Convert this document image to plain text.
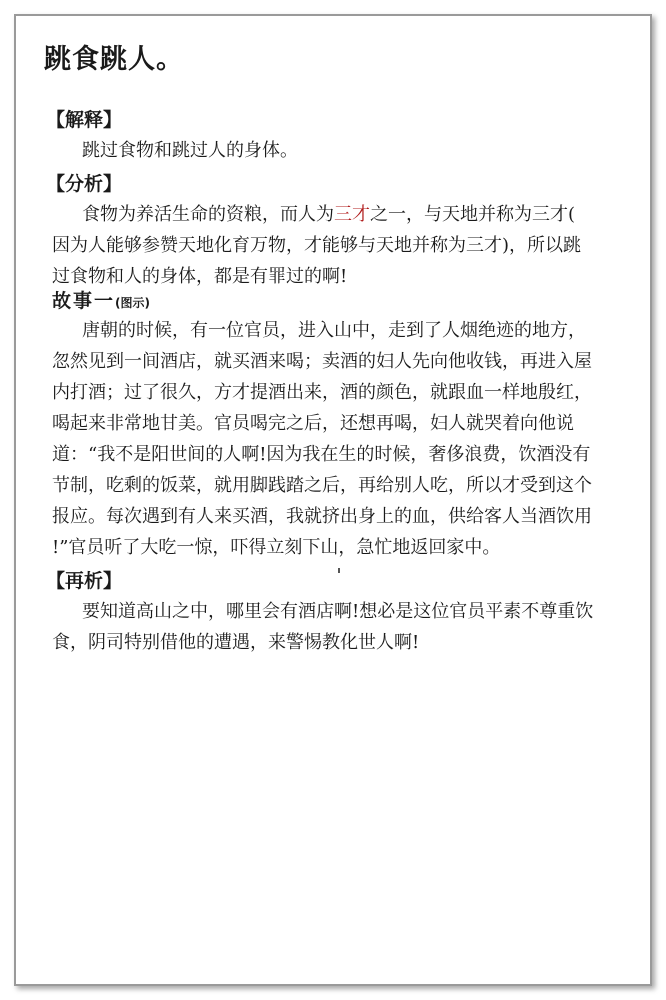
跳食跳人。
【解释】

跳过食物和跳过人的身体。

【分析】

食物为养活生命的资粮，而人为三才之一，与天地并称为三才(

因为人能够参赞天地化育万物，才能够与天地并称为三才)，所以跳

过食物和人的身体，都是有罪过的啊!

故事一(图示)

唐朝的时候，有一位官员，进入山中，走到了人烟绝迹的地方，

忽然见到一间酒店，就买酒来喝；卖酒的妇人先向他收钱，再进入屋

内打酒；过了很久，方才提酒出来，酒的颜色，就跟血一样地殷红，

喝起来非常地甘美。官员喝完之后，还想再喝，妇人就哭着向他说

道：“我不是阳世间的人啊!因为我在生的时候，奢侈浪费，饮酒没有

节制，吃剩的饭菜，就用脚践踏之后，再给别人吃，所以才受到这个

报应。每次遇到有人来买酒，我就挤出身上的血，供给客人当酒饮用

!”官员听了大吃一惊，吓得立刻下山，急忙地返回家中。

【再析】

要知道高山之中，哪里会有酒店啊!想必是这位官员平素不尊重饮

食，阴司特别借他的遭遇，来警惕教化世人啊!
